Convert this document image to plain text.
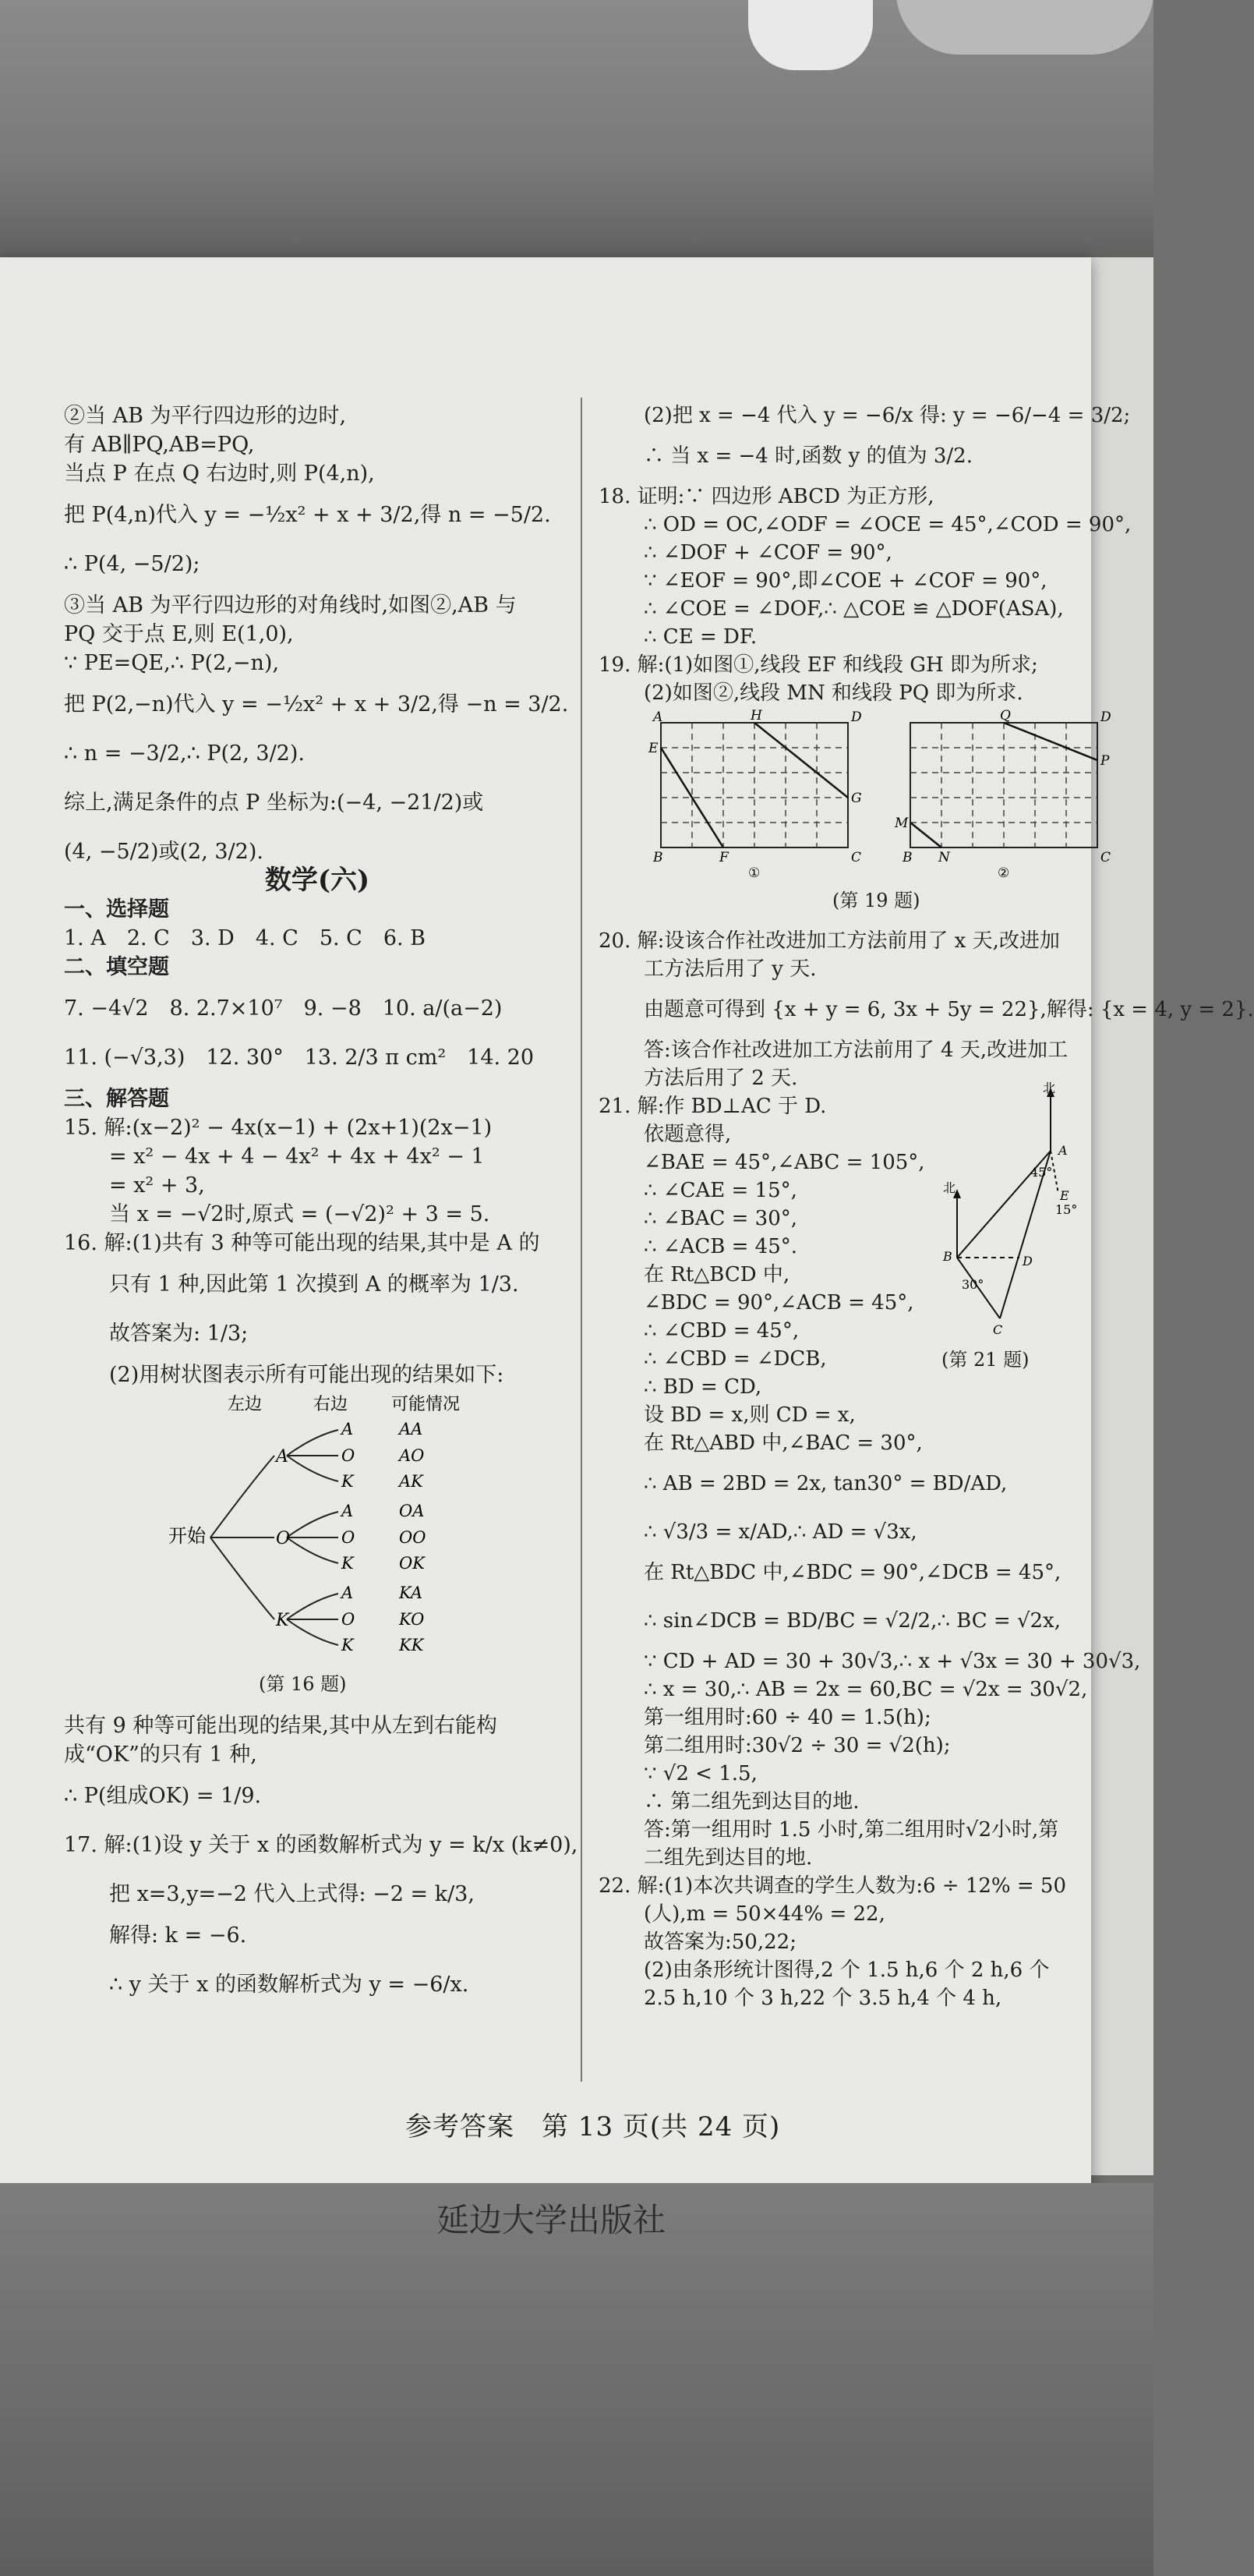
②当 AB 为平行四边形的边时,

有 AB∥PQ,AB=PQ,

当点 P 在点 Q 右边时,则 P(4,n),

把 P(4,n)代入 y = −½x² + x + 3/2,得 n = −5/2.

∴ P(4, −5/2);

③当 AB 为平行四边形的对角线时,如图②,AB 与

PQ 交于点 E,则 E(1,0),

∵ PE=QE,∴ P(2,−n),

把 P(2,−n)代入 y = −½x² + x + 3/2,得 −n = 3/2.

∴ n = −3/2,∴ P(2, 3/2).

综上,满足条件的点 P 坐标为:(−4, −21/2)或

(4, −5/2)或(2, 3/2).

数学(六)

一、选择题

1. A　2. C　3. D　4. C　5. C　6. B

二、填空题

7. −4√2　8. 2.7×10⁷　9. −8　10. a/(a−2)

11. (−√3,3)　12. 30°　13. 2/3 π cm²　14. 20

三、解答题

15. 解:(x−2)² − 4x(x−1) + (2x+1)(2x−1)

= x² − 4x + 4 − 4x² + 4x + 4x² − 1

= x² + 3,

当 x = −√2时,原式 = (−√2)² + 3 = 5.

16. 解:(1)共有 3 种等可能出现的结果,其中是 A 的

只有 1 种,因此第 1 次摸到 A 的概率为 1/3.

故答案为: 1/3;

(2)用树状图表示所有可能出现的结果如下:

左边	右边	可能情况
开始
A
O
K
A
O
K
A
O
K
A
O
K
AA
AO
AK
OA
OO
OK
KA
KO
KK

(第 16 题)

共有 9 种等可能出现的结果,其中从左到右能构

成“OK”的只有 1 种,

∴ P(组成OK) = 1/9.

17. 解:(1)设 y 关于 x 的函数解析式为 y = k/x (k≠0),

把 x=3,y=−2 代入上式得: −2 = k/3,

解得: k = −6.

∴ y 关于 x 的函数解析式为 y = −6/x.

(2)把 x = −4 代入 y = −6/x 得: y = −6/−4 = 3/2;

∴ 当 x = −4 时,函数 y 的值为 3/2.

18. 证明:∵ 四边形 ABCD 为正方形,

∴ OD = OC,∠ODF = ∠OCE = 45°,∠COD = 90°,

∴ ∠DOF + ∠COF = 90°,

∵ ∠EOF = 90°,即∠COE + ∠COF = 90°,

∴ ∠COE = ∠DOF,∴ △COE ≌ △DOF(ASA),

∴ CE = DF.

19. 解:(1)如图①,线段 EF 和线段 GH 即为所求;

(2)如图②,线段 MN 和线段 PQ 即为所求.

A	H	D
E
G
B	F	C
Q	D
P
M
B N	C
①	②

(第 19 题)

20. 解:设该合作社改进加工方法前用了 x 天,改进加

工方法后用了 y 天.

由题意可得到 {x + y = 6, 3x + 5y = 22},解得: {x = 4, y = 2}.

答:该合作社改进加工方法前用了 4 天,改进加工

方法后用了 2 天.

21. 解:作 BD⊥AC 于 D.

依题意得,

∠BAE = 45°,∠ABC = 105°,

∴ ∠CAE = 15°,

∴ ∠BAC = 30°,

∴ ∠ACB = 45°.

在 Rt△BCD 中,

∠BDC = 90°,∠ACB = 45°,

∴ ∠CBD = 45°,

∴ ∠CBD = ∠DCB,

∴ BD = CD,

设 BD = x,则 CD = x,

在 Rt△ABD 中,∠BAC = 30°,

∴ AB = 2BD = 2x, tan30° = BD/AD,

∴ √3/3 = x/AD,∴ AD = √3x,

在 Rt△BDC 中,∠BDC = 90°,∠DCB = 45°,

∴ sin∠DCB = BD/BC = √2/2,∴ BC = √2x,

∵ CD + AD = 30 + 30√3,∴ x + √3x = 30 + 30√3,

∴ x = 30,∴ AB = 2x = 60,BC = √2x = 30√2,

第一组用时:60 ÷ 40 = 1.5(h);

第二组用时:30√2 ÷ 30 = √2(h);

∵ √2 < 1.5,

∴ 第二组先到达目的地.

答:第一组用时 1.5 小时,第二组用时√2小时,第

二组先到达目的地.

北
A
E
45°
15°
北
B	D
30°
C

(第 21 题)

22. 解:(1)本次共调查的学生人数为:6 ÷ 12% = 50

(人),m = 50×44% = 22,

故答案为:50,22;

(2)由条形统计图得,2 个 1.5 h,6 个 2 h,6 个

2.5 h,10 个 3 h,22 个 3.5 h,4 个 4 h,

参考答案　第 13 页(共 24 页)
延边大学出版社
